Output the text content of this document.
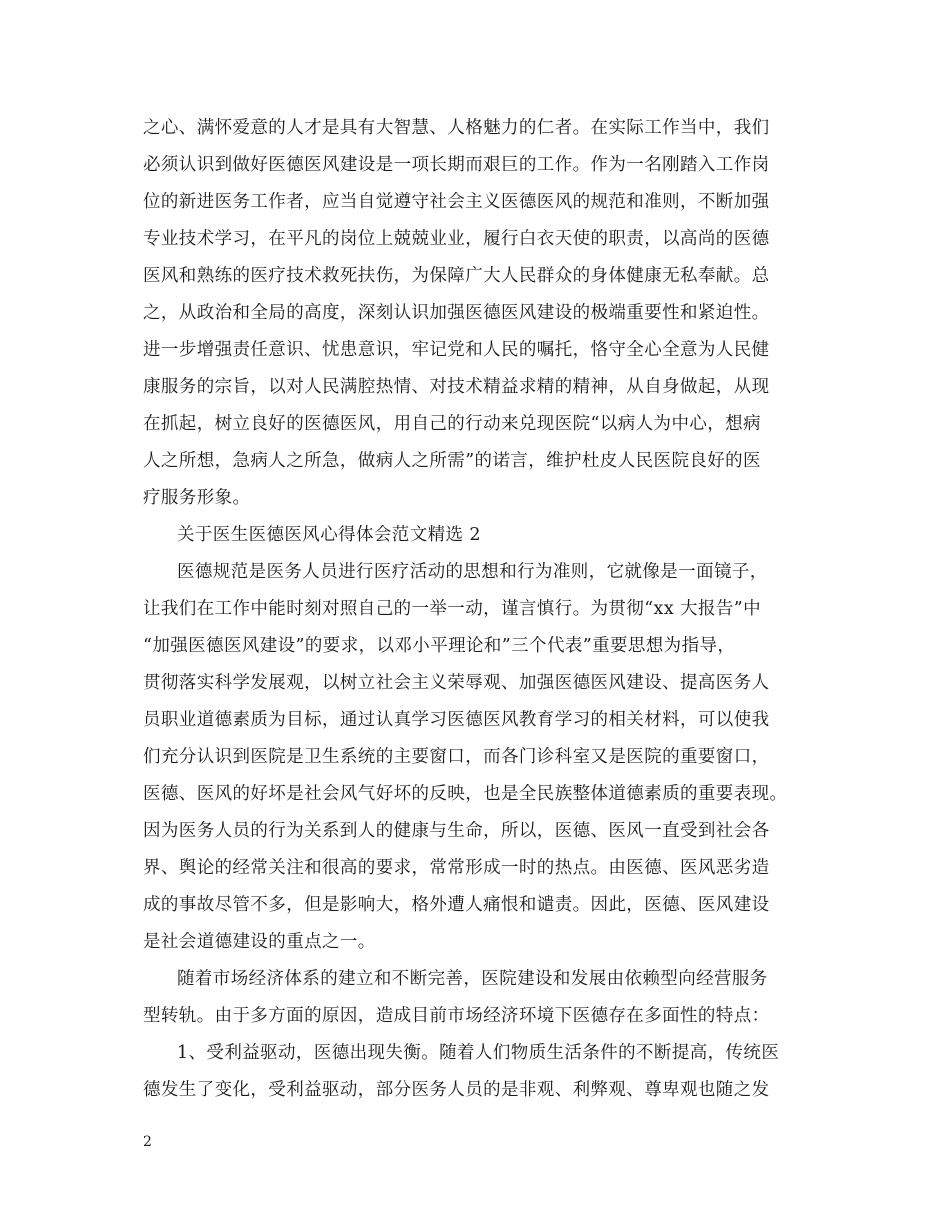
之心、满怀爱意的人才是具有大智慧、人格魅力的仁者。在实际工作当中，我们
必须认识到做好医德医风建设是一项长期而艰巨的工作。作为一名刚踏入工作岗
位的新进医务工作者，应当自觉遵守社会主义医德医风的规范和准则，不断加强
专业技术学习，在平凡的岗位上兢兢业业，履行白衣天使的职责，以高尚的医德
医风和熟练的医疗技术救死扶伤，为保障广大人民群众的身体健康无私奉献。总
之，从政治和全局的高度，深刻认识加强医德医风建设的极端重要性和紧迫性。
进一步增强责任意识、忧患意识，牢记党和人民的嘱托，恪守全心全意为人民健
康服务的宗旨，以对人民满腔热情、对技术精益求精的精神，从自身做起，从现
在抓起，树立良好的医德医风，用自己的行动来兑现医院“以病人为中心，想病
人之所想，急病人之所急，做病人之所需”的诺言，维护杜皮人民医院良好的医
疗服务形象。
关于医生医德医风心得体会范文精选 2
医德规范是医务人员进行医疗活动的思想和行为准则，它就像是一面镜子，
让我们在工作中能时刻对照自己的一举一动，谨言慎行。为贯彻“xx 大报告”中
“加强医德医风建设”的要求，以邓小平理论和”三个代表”重要思想为指导，
贯彻落实科学发展观，以树立社会主义荣辱观、加强医德医风建设、提高医务人
员职业道德素质为目标，通过认真学习医德医风教育学习的相关材料，可以使我
们充分认识到医院是卫生系统的主要窗口，而各门诊科室又是医院的重要窗口，
医德、医风的好坏是社会风气好坏的反映，也是全民族整体道德素质的重要表现。
因为医务人员的行为关系到人的健康与生命，所以，医德、医风一直受到社会各
界、舆论的经常关注和很高的要求，常常形成一时的热点。由医德、医风恶劣造
成的事故尽管不多，但是影响大，格外遭人痛恨和谴责。因此，医德、医风建设
是社会道德建设的重点之一。
随着市场经济体系的建立和不断完善，医院建设和发展由依赖型向经营服务
型转轨。由于多方面的原因，造成目前市场经济环境下医德存在多面性的特点：
1、受利益驱动，医德出现失衡。随着人们物质生活条件的不断提高，传统医
德发生了变化，受利益驱动，部分医务人员的是非观、利弊观、尊卑观也随之发
2
